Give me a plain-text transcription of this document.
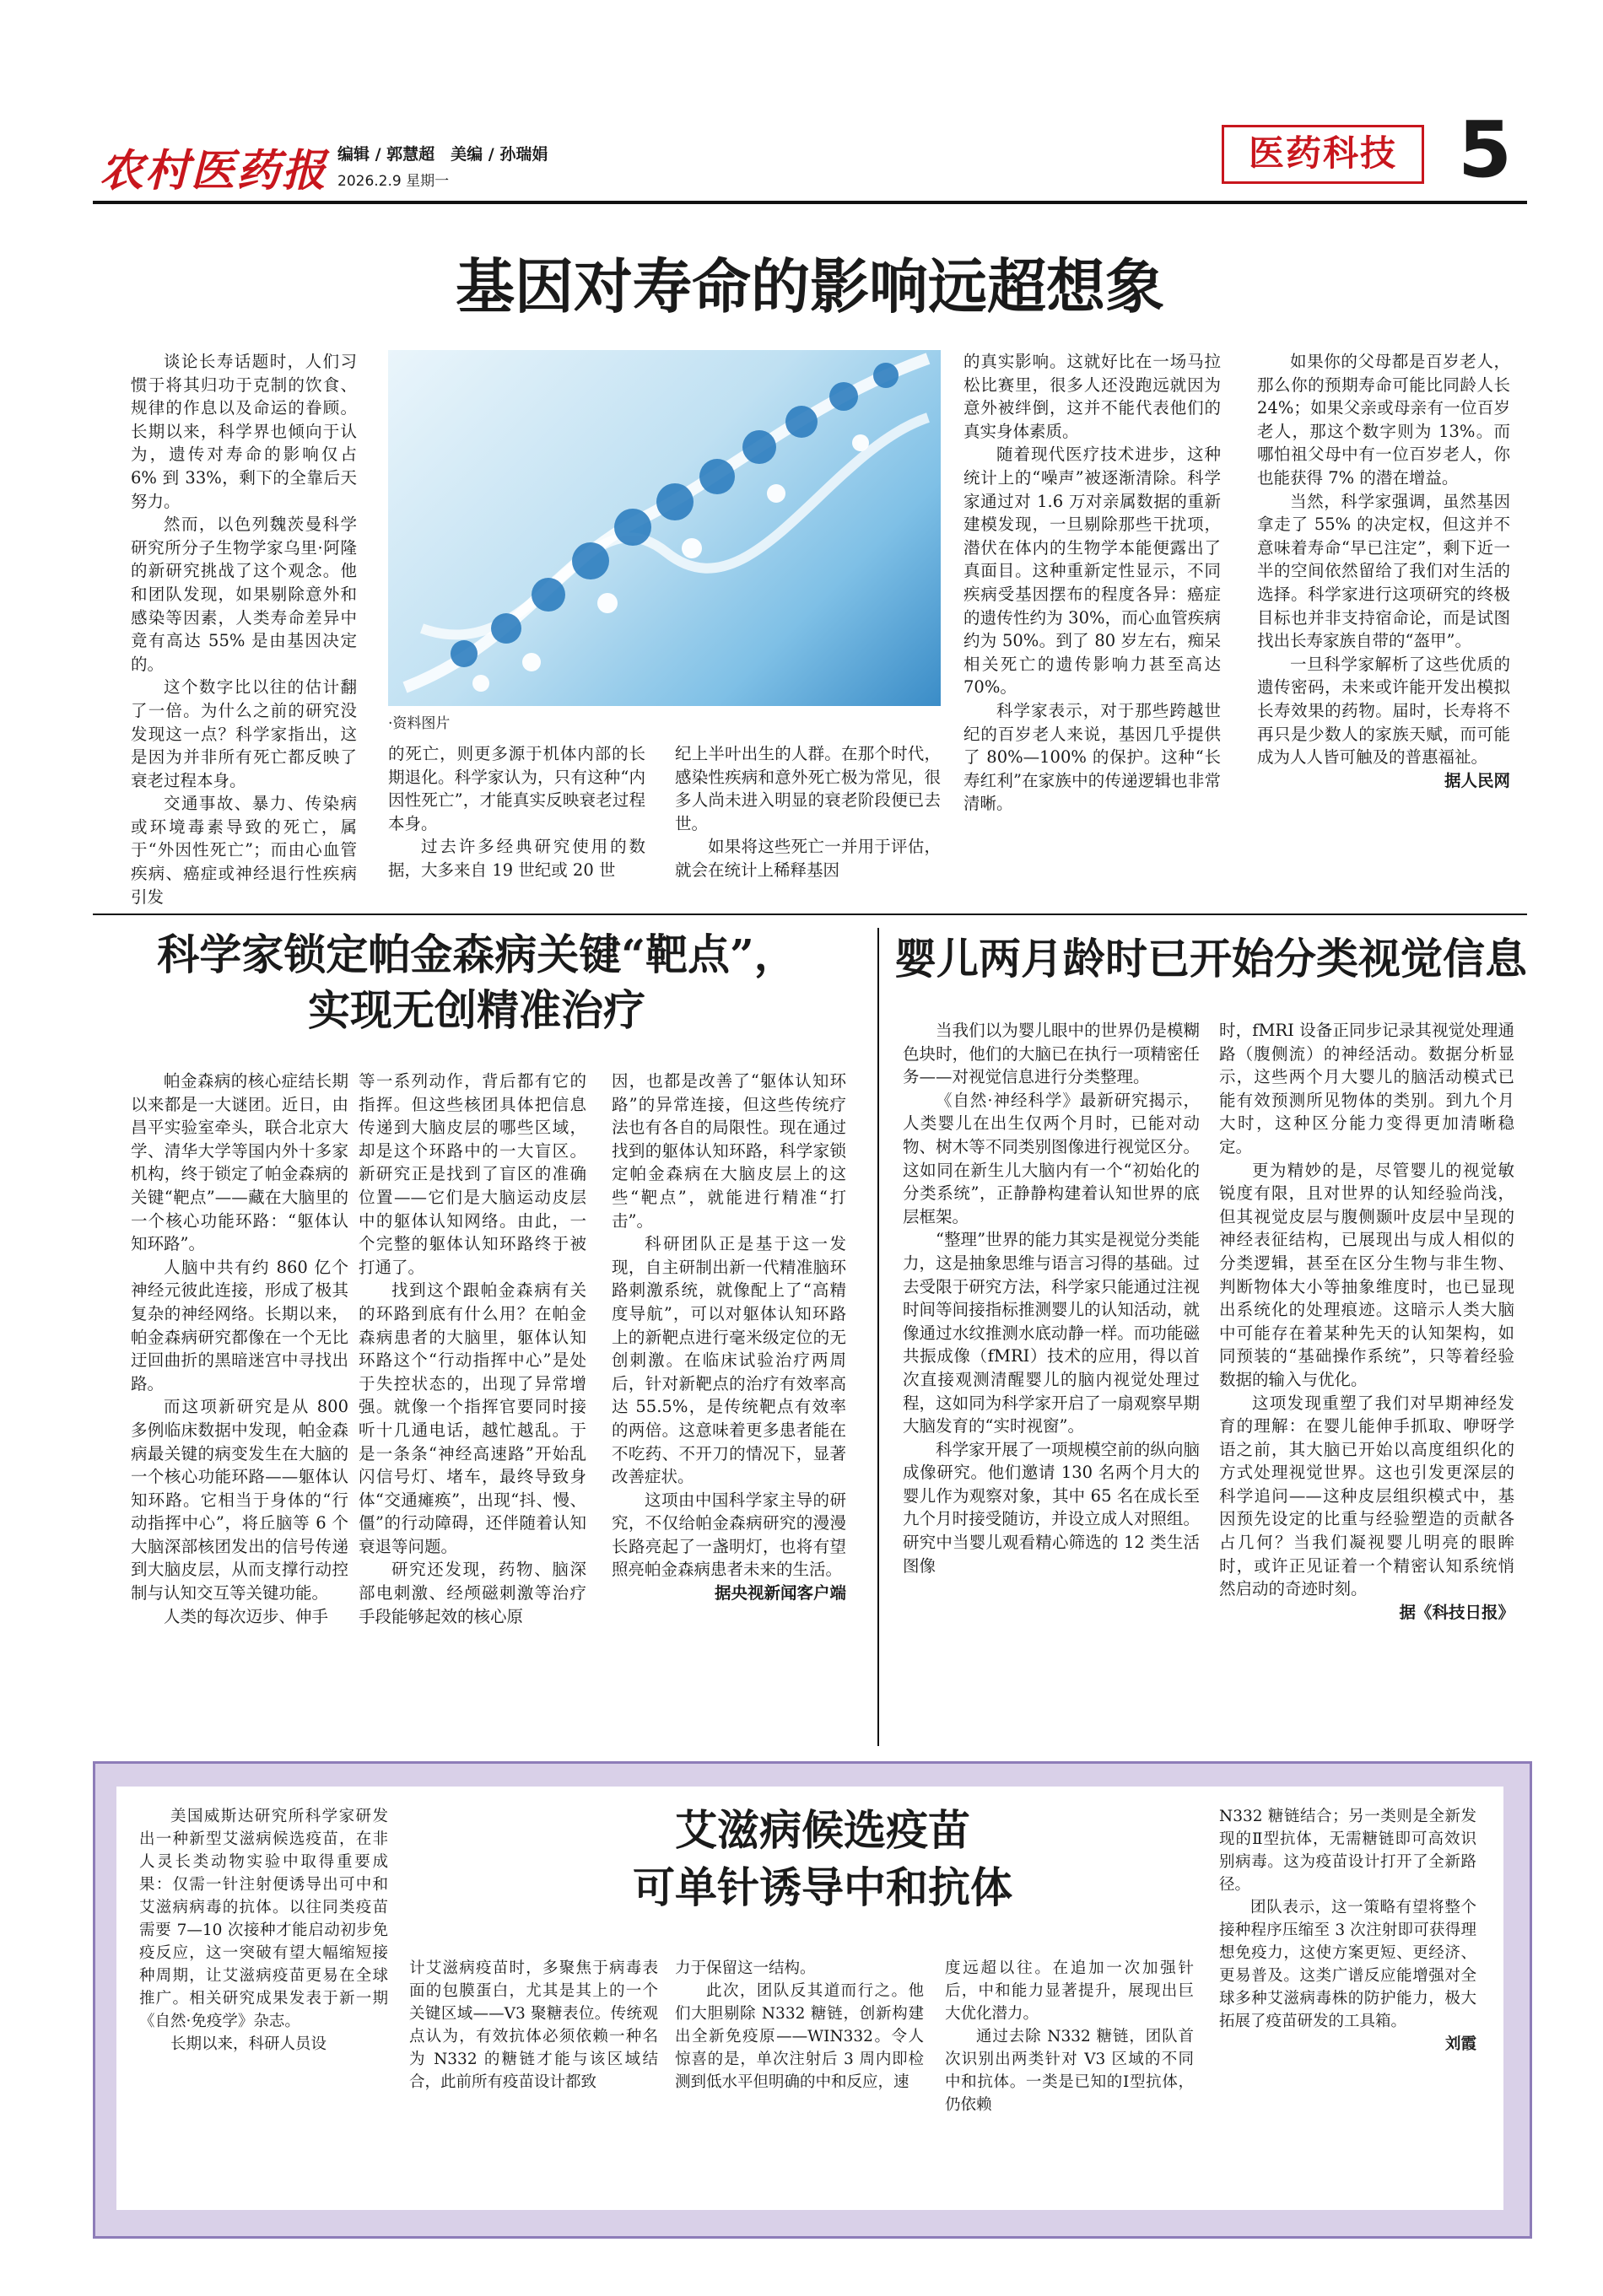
农村医药报 编辑 / 郭慧超　美编 / 孙瑞娟
2026.2.9 星期一
医药科技 5
基因对寿命的影响远超想象

谈论长寿话题时，人们习惯于将其归功于克制的饮食、规律的作息以及命运的眷顾。长期以来，科学界也倾向于认为，遗传对寿命的影响仅占 6% 到 33%，剩下的全靠后天努力。

然而，以色列魏茨曼科学研究所分子生物学家乌里·阿隆的新研究挑战了这个观念。他和团队发现，如果剔除意外和感染等因素，人类寿命差异中竟有高达 55% 是由基因决定的。

这个数字比以往的估计翻了一倍。为什么之前的研究没发现这一点？科学家指出，这是因为并非所有死亡都反映了衰老过程本身。

交通事故、暴力、传染病或环境毒素导致的死亡，属于“外因性死亡”；而由心血管疾病、癌症或神经退行性疾病引发

·资料图片

的死亡，则更多源于机体内部的长期退化。科学家认为，只有这种“内因性死亡”，才能真实反映衰老过程本身。

过去许多经典研究使用的数据，大多来自 19 世纪或 20 世

纪上半叶出生的人群。在那个时代，感染性疾病和意外死亡极为常见，很多人尚未进入明显的衰老阶段便已去世。

如果将这些死亡一并用于评估，就会在统计上稀释基因

的真实影响。这就好比在一场马拉松比赛里，很多人还没跑远就因为意外被绊倒，这并不能代表他们的真实身体素质。

随着现代医疗技术进步，这种统计上的“噪声”被逐渐清除。科学家通过对 1.6 万对亲属数据的重新建模发现，一旦剔除那些干扰项，潜伏在体内的生物学本能便露出了真面目。这种重新定性显示，不同疾病受基因摆布的程度各异：癌症的遗传性约为 30%，而心血管疾病约为 50%。到了 80 岁左右，痴呆相关死亡的遗传影响力甚至高达 70%。

科学家表示，对于那些跨越世纪的百岁老人来说，基因几乎提供了 80%—100% 的保护。这种“长寿红利”在家族中的传递逻辑也非常清晰。

如果你的父母都是百岁老人，那么你的预期寿命可能比同龄人长 24%；如果父亲或母亲有一位百岁老人，那这个数字则为 13%。而哪怕祖父母中有一位百岁老人，你也能获得 7% 的潜在增益。

当然，科学家强调，虽然基因拿走了 55% 的决定权，但这并不意味着寿命“早已注定”，剩下近一半的空间依然留给了我们对生活的选择。科学家进行这项研究的终极目标也并非支持宿命论，而是试图找出长寿家族自带的“盔甲”。

一旦科学家解析了这些优质的遗传密码，未来或许能开发出模拟长寿效果的药物。届时，长寿将不再只是少数人的家族天赋，而可能成为人人皆可触及的普惠福祉。

据人民网

科学家锁定帕金森病关键“靶点”，
实现无创精准治疗

帕金森病的核心症结长期以来都是一大谜团。近日，由昌平实验室牵头，联合北京大学、清华大学等国内外十多家机构，终于锁定了帕金森病的关键“靶点”——藏在大脑里的一个核心功能环路：“躯体认知环路”。

人脑中共有约 860 亿个神经元彼此连接，形成了极其复杂的神经网络。长期以来，帕金森病研究都像在一个无比迂回曲折的黑暗迷宫中寻找出路。

而这项新研究是从 800 多例临床数据中发现，帕金森病最关键的病变发生在大脑的一个核心功能环路——躯体认知环路。它相当于身体的“行动指挥中心”，将丘脑等 6 个大脑深部核团发出的信号传递到大脑皮层，从而支撑行动控制与认知交互等关键功能。

人类的每次迈步、伸手

等一系列动作，背后都有它的指挥。但这些核团具体把信息传递到大脑皮层的哪些区域，却是这个环路中的一大盲区。新研究正是找到了盲区的准确位置——它们是大脑运动皮层中的躯体认知网络。由此，一个完整的躯体认知环路终于被打通了。

找到这个跟帕金森病有关的环路到底有什么用？在帕金森病患者的大脑里，躯体认知环路这个“行动指挥中心”是处于失控状态的，出现了异常增强。就像一个指挥官要同时接听十几通电话，越忙越乱。于是一条条“神经高速路”开始乱闪信号灯、堵车，最终导致身体“交通瘫痪”，出现“抖、慢、僵”的行动障碍，还伴随着认知衰退等问题。

研究还发现，药物、脑深部电刺激、经颅磁刺激等治疗手段能够起效的核心原

因，也都是改善了“躯体认知环路”的异常连接，但这些传统疗法也有各自的局限性。现在通过找到的躯体认知环路，科学家锁定帕金森病在大脑皮层上的这些“靶点”，就能进行精准“打击”。

科研团队正是基于这一发现，自主研制出新一代精准脑环路刺激系统，就像配上了“高精度导航”，可以对躯体认知环路上的新靶点进行毫米级定位的无创刺激。在临床试验治疗两周后，针对新靶点的治疗有效率高达 55.5%，是传统靶点有效率的两倍。这意味着更多患者能在不吃药、不开刀的情况下，显著改善症状。

这项由中国科学家主导的研究，不仅给帕金森病研究的漫漫长路亮起了一盏明灯，也将有望照亮帕金森病患者未来的生活。

据央视新闻客户端

婴儿两月龄时已开始分类视觉信息

当我们以为婴儿眼中的世界仍是模糊色块时，他们的大脑已在执行一项精密任务——对视觉信息进行分类整理。

《自然·神经科学》最新研究揭示，人类婴儿在出生仅两个月时，已能对动物、树木等不同类别图像进行视觉区分。这如同在新生儿大脑内有一个“初始化的分类系统”，正静静构建着认知世界的底层框架。

“整理”世界的能力其实是视觉分类能力，这是抽象思维与语言习得的基础。过去受限于研究方法，科学家只能通过注视时间等间接指标推测婴儿的认知活动，就像通过水纹推测水底动静一样。而功能磁共振成像（fMRI）技术的应用，得以首次直接观测清醒婴儿的脑内视觉处理过程，这如同为科学家开启了一扇观察早期大脑发育的“实时视窗”。

科学家开展了一项规模空前的纵向脑成像研究。他们邀请 130 名两个月大的婴儿作为观察对象，其中 65 名在成长至九个月时接受随访，并设立成人对照组。研究中当婴儿观看精心筛选的 12 类生活图像

时，fMRI 设备正同步记录其视觉处理通路（腹侧流）的神经活动。数据分析显示，这些两个月大婴儿的脑活动模式已能有效预测所见物体的类别。到九个月大时，这种区分能力变得更加清晰稳定。

更为精妙的是，尽管婴儿的视觉敏锐度有限，且对世界的认知经验尚浅，但其视觉皮层与腹侧颞叶皮层中呈现的神经表征结构，已展现出与成人相似的分类逻辑，甚至在区分生物与非生物、判断物体大小等抽象维度时，也已显现出系统化的处理痕迹。这暗示人类大脑中可能存在着某种先天的认知架构，如同预装的“基础操作系统”，只等着经验数据的输入与优化。

这项发现重塑了我们对早期神经发育的理解：在婴儿能伸手抓取、咿呀学语之前，其大脑已开始以高度组织化的方式处理视觉世界。这也引发更深层的科学追问——这种皮层组织模式中，基因预先设定的比重与经验塑造的贡献各占几何？当我们凝视婴儿明亮的眼眸时，或许正见证着一个精密认知系统悄然启动的奇迹时刻。

据《科技日报》

艾滋病候选疫苗
可单针诱导中和抗体

美国威斯达研究所科学家研发出一种新型艾滋病候选疫苗，在非人灵长类动物实验中取得重要成果：仅需一针注射便诱导出可中和艾滋病病毒的抗体。以往同类疫苗需要 7—10 次接种才能启动初步免疫反应，这一突破有望大幅缩短接种周期，让艾滋病疫苗更易在全球推广。相关研究成果发表于新一期《自然·免疫学》杂志。

长期以来，科研人员设

计艾滋病疫苗时，多聚焦于病毒表面的包膜蛋白，尤其是其上的一个关键区域——V3 聚糖表位。传统观点认为，有效抗体必须依赖一种名为 N332 的糖链才能与该区域结合，此前所有疫苗设计都致

力于保留这一结构。

此次，团队反其道而行之。他们大胆剔除 N332 糖链，创新构建出全新免疫原——WIN332。令人惊喜的是，单次注射后 3 周内即检测到低水平但明确的中和反应，速

度远超以往。在追加一次加强针后，中和能力显著提升，展现出巨大优化潜力。

通过去除 N332 糖链，团队首次识别出两类针对 V3 区域的不同中和抗体。一类是已知的Ⅰ型抗体，仍依赖

N332 糖链结合；另一类则是全新发现的Ⅱ型抗体，无需糖链即可高效识别病毒。这为疫苗设计打开了全新路径。

团队表示，这一策略有望将整个接种程序压缩至 3 次注射即可获得理想免疫力，这使方案更短、更经济、更易普及。这类广谱反应能增强对全球多种艾滋病毒株的防护能力，极大拓展了疫苗研发的工具箱。

刘霞
